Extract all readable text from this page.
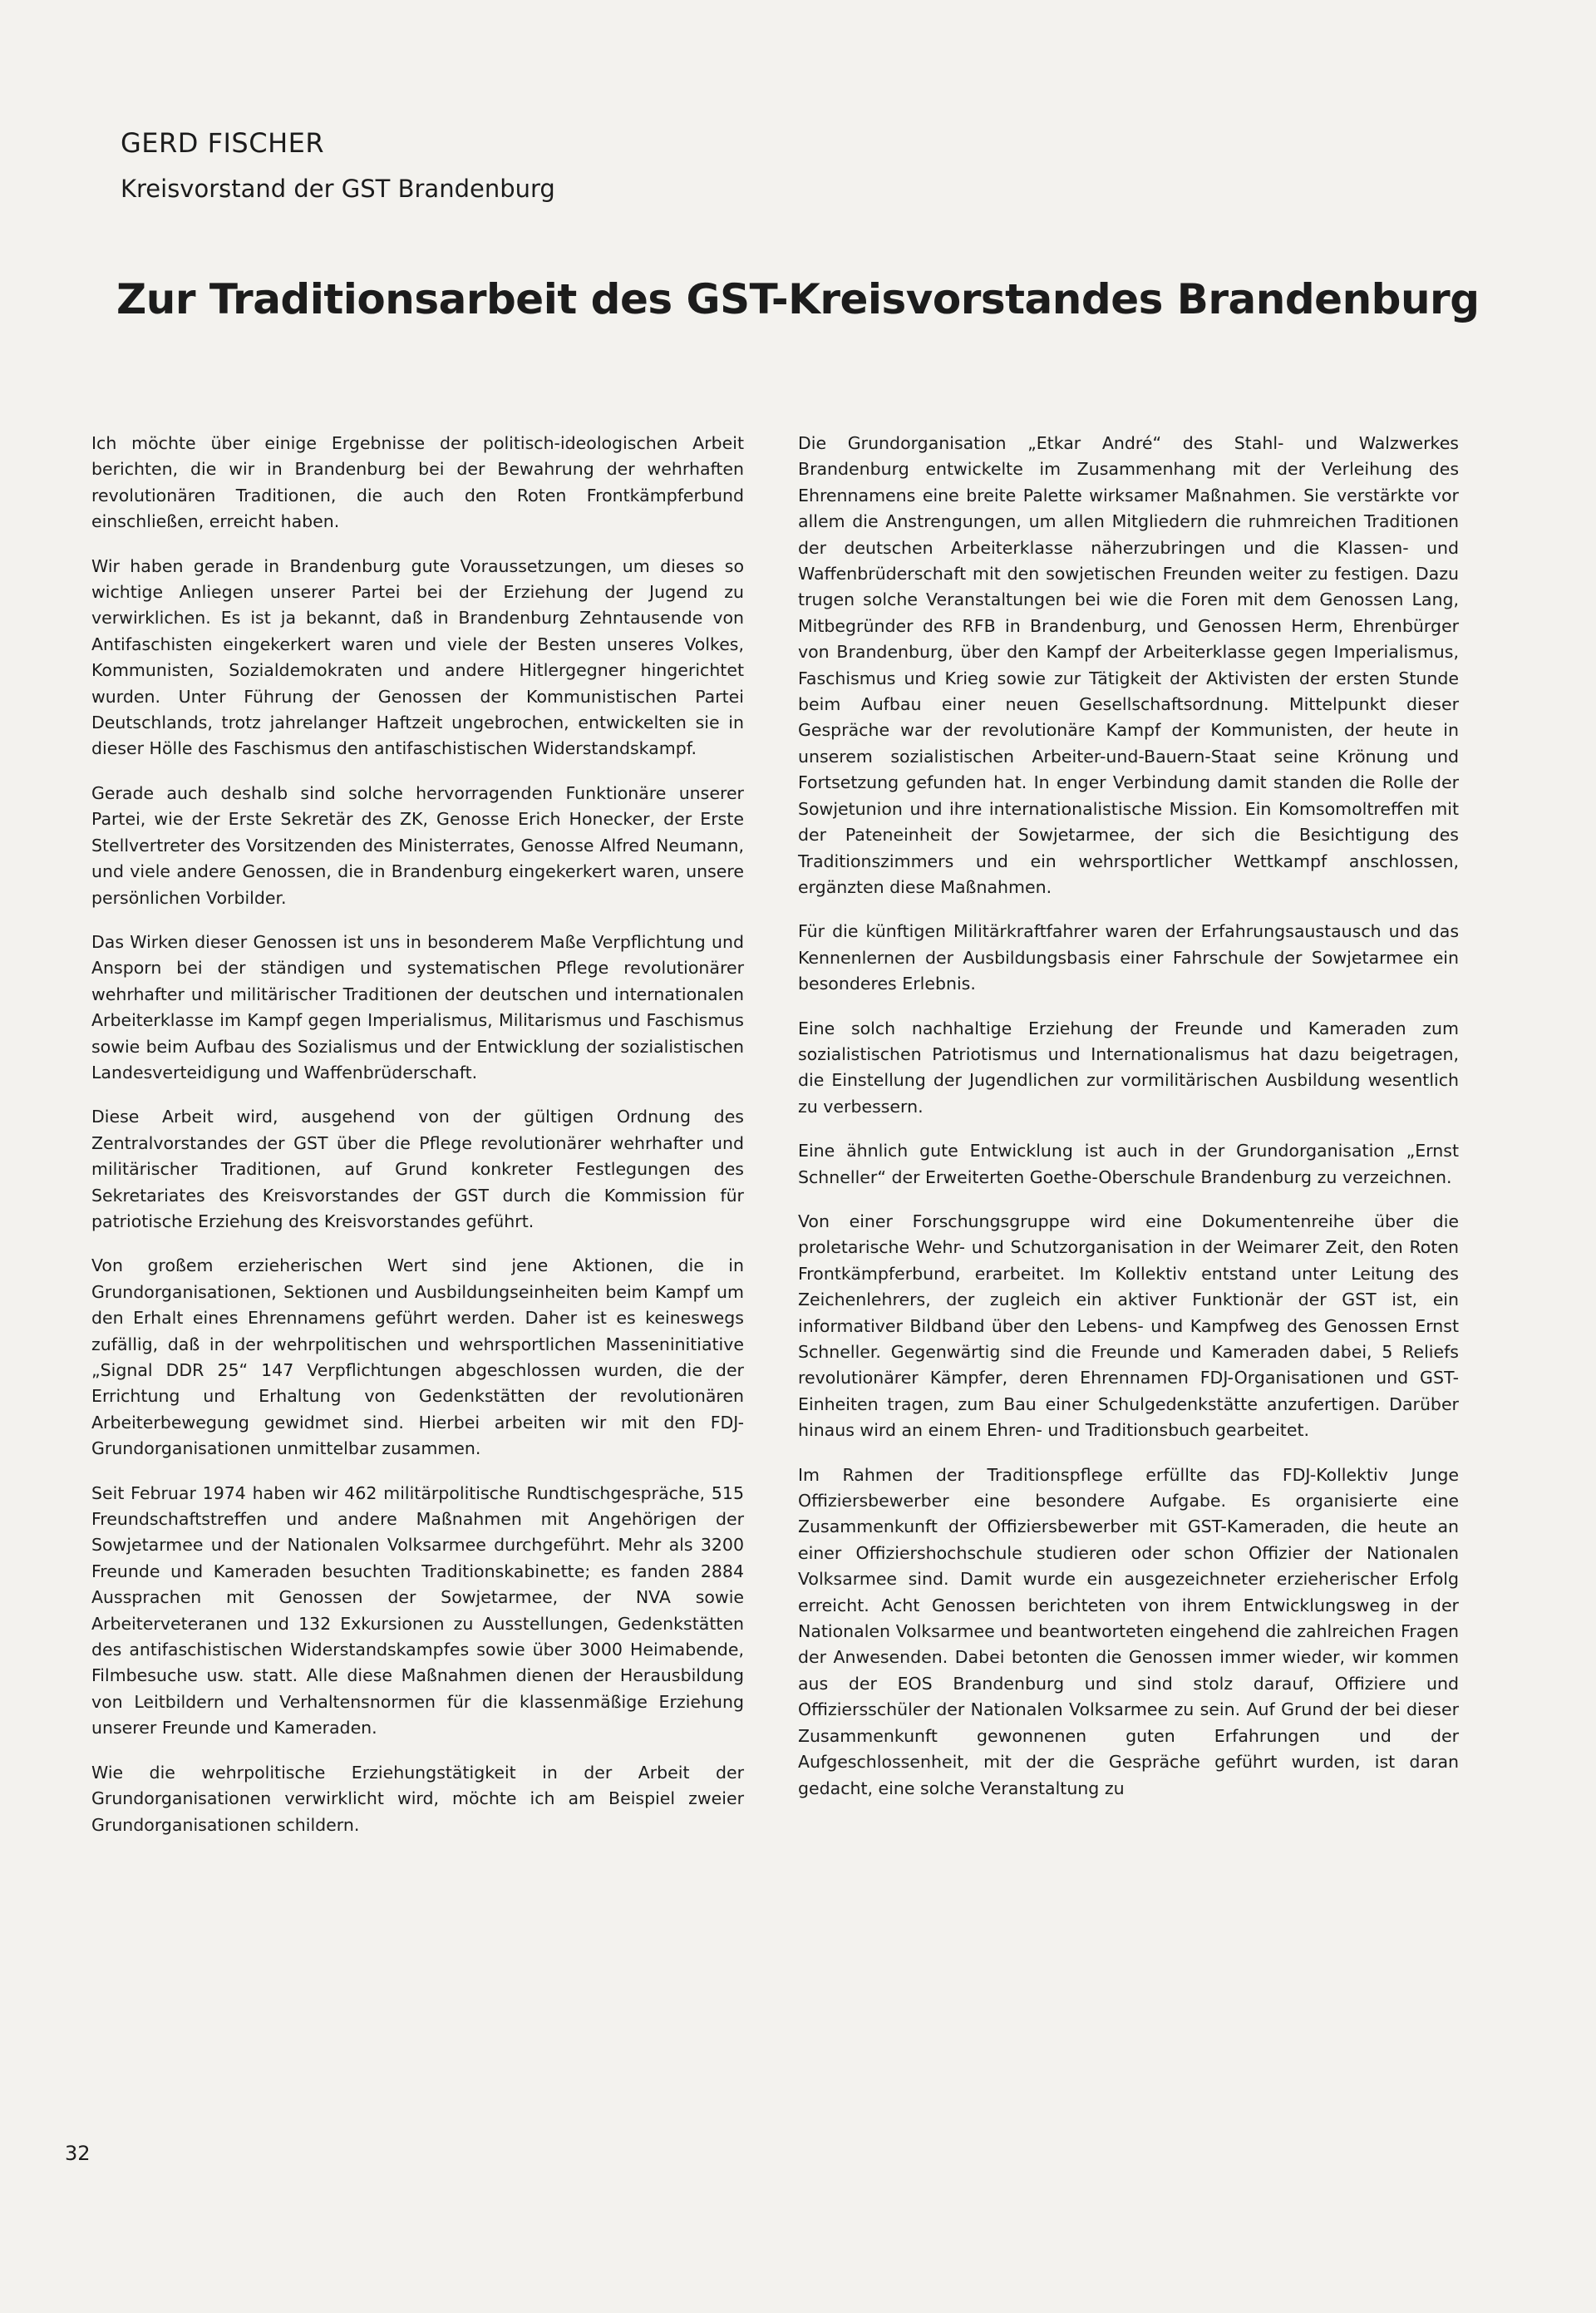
GERD FISCHER
Kreisvorstand der GST Brandenburg
Zur Traditionsarbeit des GST-Kreisvorstandes Brandenburg

Ich möchte über einige Ergebnisse der politisch-ideologischen Arbeit berichten, die wir in Brandenburg bei der Bewahrung der wehrhaften revolutionären Traditionen, die auch den Roten Frontkämpferbund einschließen, erreicht haben.

Wir haben gerade in Brandenburg gute Voraussetzungen, um dieses so wichtige Anliegen unserer Partei bei der Erziehung der Jugend zu verwirklichen. Es ist ja bekannt, daß in Brandenburg Zehntausende von Antifaschisten eingekerkert waren und viele der Besten unseres Volkes, Kommunisten, Sozialdemokraten und andere Hitlergegner hingerichtet wurden. Unter Führung der Genossen der Kommunistischen Partei Deutschlands, trotz jahrelanger Haftzeit ungebrochen, entwickelten sie in dieser Hölle des Faschismus den antifaschistischen Widerstandskampf.

Gerade auch deshalb sind solche hervorragenden Funktionäre unserer Partei, wie der Erste Sekretär des ZK, Genosse Erich Honecker, der Erste Stellvertreter des Vorsitzenden des Ministerrates, Genosse Alfred Neumann, und viele andere Genossen, die in Brandenburg eingekerkert waren, unsere persönlichen Vorbilder.

Das Wirken dieser Genossen ist uns in besonderem Maße Verpflichtung und Ansporn bei der ständigen und systematischen Pflege revolutionärer wehrhafter und militärischer Traditionen der deutschen und internationalen Arbeiterklasse im Kampf gegen Imperialismus, Militarismus und Faschismus sowie beim Aufbau des Sozialismus und der Entwicklung der sozialistischen Landesverteidigung und Waffenbrüderschaft.

Diese Arbeit wird, ausgehend von der gültigen Ordnung des Zentralvorstandes der GST über die Pflege revolutionärer wehrhafter und militärischer Traditionen, auf Grund konkreter Festlegungen des Sekretariates des Kreisvorstandes der GST durch die Kommission für patriotische Erziehung des Kreisvorstandes geführt.

Von großem erzieherischen Wert sind jene Aktionen, die in Grundorganisationen, Sektionen und Ausbildungseinheiten beim Kampf um den Erhalt eines Ehrennamens geführt werden. Daher ist es keineswegs zufällig, daß in der wehrpolitischen und wehrsportlichen Masseninitiative „Signal DDR 25“ 147 Verpflichtungen abgeschlossen wurden, die der Errichtung und Erhaltung von Gedenkstätten der revolutionären Arbeiterbewegung gewidmet sind. Hierbei arbeiten wir mit den FDJ-Grundorganisationen unmittelbar zusammen.

Seit Februar 1974 haben wir 462 militärpolitische Rundtischgespräche, 515 Freundschaftstreffen und andere Maßnahmen mit Angehörigen der Sowjetarmee und der Nationalen Volksarmee durchgeführt. Mehr als 3200 Freunde und Kameraden besuchten Traditionskabinette; es fanden 2884 Aussprachen mit Genossen der Sowjetarmee, der NVA sowie Arbeiterveteranen und 132 Exkursionen zu Ausstellungen, Gedenkstätten des antifaschistischen Widerstandskampfes sowie über 3000 Heimabende, Filmbesuche usw. statt. Alle diese Maßnahmen dienen der Herausbildung von Leitbildern und Verhaltensnormen für die klassenmäßige Erziehung unserer Freunde und Kameraden.

Wie die wehrpolitische Erziehungstätigkeit in der Arbeit der Grundorganisationen verwirklicht wird, möchte ich am Beispiel zweier Grundorganisationen schildern.

Die Grundorganisation „Etkar André“ des Stahl- und Walzwerkes Brandenburg entwickelte im Zusammenhang mit der Verleihung des Ehrennamens eine breite Palette wirksamer Maßnahmen. Sie verstärkte vor allem die Anstrengungen, um allen Mitgliedern die ruhmreichen Traditionen der deutschen Arbeiterklasse näherzubringen und die Klassen- und Waffenbrüderschaft mit den sowjetischen Freunden weiter zu festigen. Dazu trugen solche Veranstaltungen bei wie die Foren mit dem Genossen Lang, Mitbegründer des RFB in Brandenburg, und Genossen Herm, Ehrenbürger von Brandenburg, über den Kampf der Arbeiterklasse gegen Imperialismus, Faschismus und Krieg sowie zur Tätigkeit der Aktivisten der ersten Stunde beim Aufbau einer neuen Gesellschaftsordnung. Mittelpunkt dieser Gespräche war der revolutionäre Kampf der Kommunisten, der heute in unserem sozialistischen Arbeiter-und-Bauern-Staat seine Krönung und Fortsetzung gefunden hat. In enger Verbindung damit standen die Rolle der Sowjetunion und ihre internationalistische Mission. Ein Komsomoltreffen mit der Pateneinheit der Sowjetarmee, der sich die Besichtigung des Traditionszimmers und ein wehrsportlicher Wettkampf anschlossen, ergänzten diese Maßnahmen.

Für die künftigen Militärkraftfahrer waren der Erfahrungsaustausch und das Kennenlernen der Ausbildungsbasis einer Fahrschule der Sowjetarmee ein besonderes Erlebnis.

Eine solch nachhaltige Erziehung der Freunde und Kameraden zum sozialistischen Patriotismus und Internationalismus hat dazu beigetragen, die Einstellung der Jugendlichen zur vormilitärischen Ausbildung wesentlich zu verbessern.

Eine ähnlich gute Entwicklung ist auch in der Grundorganisation „Ernst Schneller“ der Erweiterten Goethe-Oberschule Brandenburg zu verzeichnen.

Von einer Forschungsgruppe wird eine Dokumentenreihe über die proletarische Wehr- und Schutzorganisation in der Weimarer Zeit, den Roten Frontkämpferbund, erarbeitet. Im Kollektiv entstand unter Leitung des Zeichenlehrers, der zugleich ein aktiver Funktionär der GST ist, ein informativer Bildband über den Lebens- und Kampfweg des Genossen Ernst Schneller. Gegenwärtig sind die Freunde und Kameraden dabei, 5 Reliefs revolutionärer Kämpfer, deren Ehrennamen FDJ-Organisationen und GST-Einheiten tragen, zum Bau einer Schulgedenkstätte anzufertigen. Darüber hinaus wird an einem Ehren- und Traditionsbuch gearbeitet.

Im Rahmen der Traditionspflege erfüllte das FDJ-Kollektiv Junge Offiziersbewerber eine besondere Aufgabe. Es organisierte eine Zusammenkunft der Offiziersbewerber mit GST-Kameraden, die heute an einer Offiziershochschule studieren oder schon Offizier der Nationalen Volksarmee sind. Damit wurde ein ausgezeichneter erzieherischer Erfolg erreicht. Acht Genossen berichteten von ihrem Entwicklungsweg in der Nationalen Volksarmee und beantworteten eingehend die zahlreichen Fragen der Anwesenden. Dabei betonten die Genossen immer wieder, wir kommen aus der EOS Brandenburg und sind stolz darauf, Offiziere und Offiziersschüler der Nationalen Volksarmee zu sein. Auf Grund der bei dieser Zusammenkunft gewonnenen guten Erfahrungen und der Aufgeschlossenheit, mit der die Gespräche geführt wurden, ist daran gedacht, eine solche Veranstaltung zu

32
